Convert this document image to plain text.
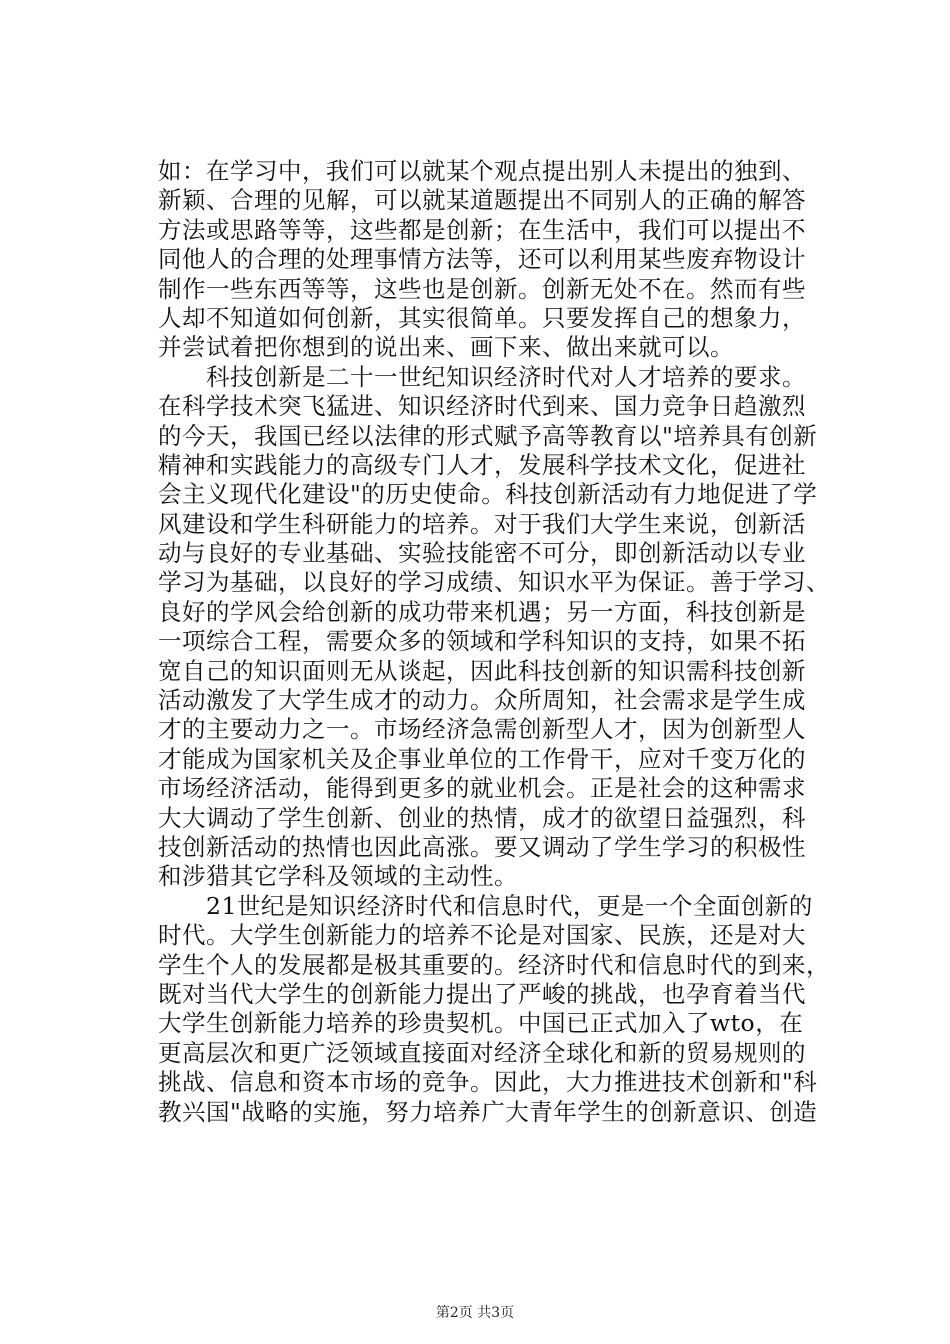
如：在学习中，我们可以就某个观点提出别人未提出的独到、
新颖、合理的见解，可以就某道题提出不同别人的正确的解答
方法或思路等等，这些都是创新；在生活中，我们可以提出不
同他人的合理的处理事情方法等，还可以利用某些废弃物设计
制作一些东西等等，这些也是创新。创新无处不在。然而有些
人却不知道如何创新，其实很简单。只要发挥自己的想象力，
并尝试着把你想到的说出来、画下来、做出来就可以。
　　科技创新是二十一世纪知识经济时代对人才培养的要求。
在科学技术突飞猛进、知识经济时代到来、国力竞争日趋激烈
的今天，我国已经以法律的形式赋予高等教育以"培养具有创新
精神和实践能力的高级专门人才，发展科学技术文化，促进社
会主义现代化建设"的历史使命。科技创新活动有力地促进了学
风建设和学生科研能力的培养。对于我们大学生来说，创新活
动与良好的专业基础、实验技能密不可分，即创新活动以专业
学习为基础，以良好的学习成绩、知识水平为保证。善于学习、
良好的学风会给创新的成功带来机遇；另一方面，科技创新是
一项综合工程，需要众多的领域和学科知识的支持，如果不拓
宽自己的知识面则无从谈起，因此科技创新的知识需科技创新
活动激发了大学生成才的动力。众所周知，社会需求是学生成
才的主要动力之一。市场经济急需创新型人才，因为创新型人
才能成为国家机关及企事业单位的工作骨干，应对千变万化的
市场经济活动，能得到更多的就业机会。正是社会的这种需求
大大调动了学生创新、创业的热情，成才的欲望日益强烈，科
技创新活动的热情也因此高涨。要又调动了学生学习的积极性
和涉猎其它学科及领域的主动性。
　　21世纪是知识经济时代和信息时代，更是一个全面创新的
时代。大学生创新能力的培养不论是对国家、民族，还是对大
学生个人的发展都是极其重要的。经济时代和信息时代的到来，
既对当代大学生的创新能力提出了严峻的挑战，也孕育着当代
大学生创新能力培养的珍贵契机。中国已正式加入了wto，在
更高层次和更广泛领域直接面对经济全球化和新的贸易规则的
挑战、信息和资本市场的竞争。因此，大力推进技术创新和"科
教兴国"战略的实施，努力培养广大青年学生的创新意识、创造
第2页 共3页
